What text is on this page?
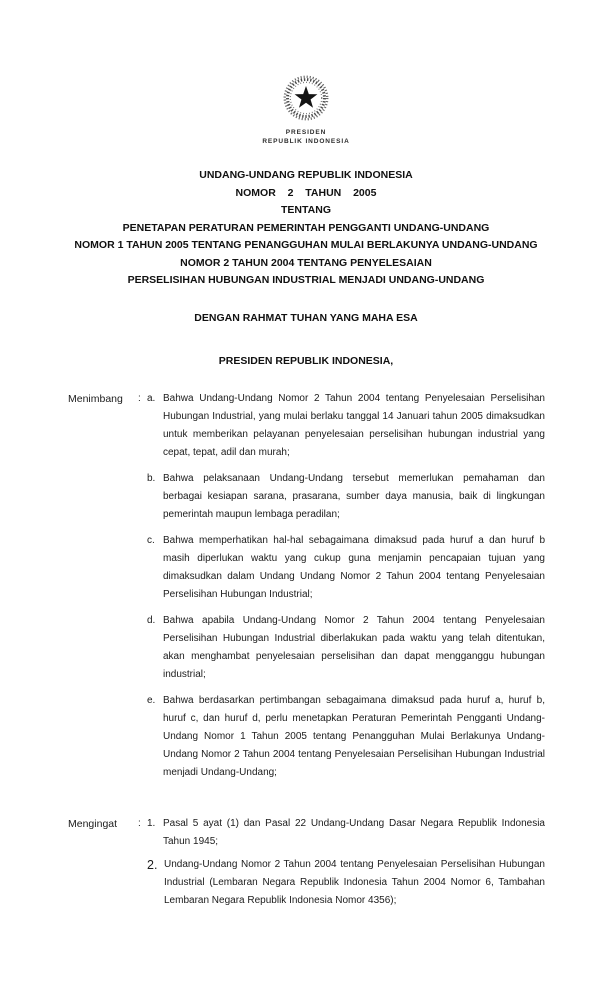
PRESIDEN
REPUBLIK INDONESIA
UNDANG-UNDANG REPUBLIK INDONESIA
NOMOR  2  TAHUN  2005
TENTANG
PENETAPAN PERATURAN PEMERINTAH PENGGANTI UNDANG-UNDANG
NOMOR 1 TAHUN 2005 TENTANG PENANGGUHAN MULAI BERLAKUNYA UNDANG-UNDANG
NOMOR 2 TAHUN 2004 TENTANG PENYELESAIAN
PERSELISIHAN HUBUNGAN INDUSTRIAL MENJADI UNDANG-UNDANG
DENGAN RAHMAT TUHAN YANG MAHA ESA
PRESIDEN REPUBLIK INDONESIA,
Menimbang : a. Bahwa Undang-Undang Nomor 2 Tahun 2004 tentang Penyelesaian Perselisihan Hubungan Industrial, yang mulai berlaku tanggal 14 Januari tahun 2005 dimaksudkan untuk memberikan pelayanan penyelesaian perselisihan hubungan industrial yang cepat, tepat, adil dan murah;
b. Bahwa pelaksanaan Undang-Undang tersebut memerlukan pemahaman dan berbagai kesiapan sarana, prasarana, sumber daya manusia, baik di lingkungan pemerintah maupun lembaga peradilan;
c. Bahwa memperhatikan hal-hal sebagaimana dimaksud pada huruf a dan huruf b masih diperlukan waktu yang cukup guna menjamin pencapaian tujuan yang dimaksudkan dalam Undang Undang Nomor 2 Tahun 2004 tentang Penyelesaian Perselisihan Hubungan Industrial;
d. Bahwa apabila Undang-Undang Nomor 2 Tahun 2004 tentang Penyelesaian Perselisihan Hubungan Industrial diberlakukan pada waktu yang telah ditentukan, akan menghambat penyelesaian perselisihan dan dapat mengganggu hubungan industrial;
e. Bahwa berdasarkan pertimbangan sebagaimana dimaksud pada huruf a, huruf b, huruf c, dan huruf d, perlu menetapkan Peraturan Pemerintah Pengganti Undang-Undang Nomor 1 Tahun 2005 tentang Penangguhan Mulai Berlakunya Undang-Undang Nomor 2 Tahun 2004 tentang Penyelesaian Perselisihan Hubungan Industrial menjadi Undang-Undang;
Mengingat : 1. Pasal 5 ayat (1) dan Pasal 22 Undang-Undang Dasar Negara Republik Indonesia Tahun 1945;
2. Undang-Undang Nomor 2 Tahun 2004 tentang Penyelesaian Perselisihan Hubungan Industrial (Lembaran Negara Republik Indonesia Tahun 2004 Nomor 6, Tambahan Lembaran Negara Republik Indonesia Nomor 4356);
